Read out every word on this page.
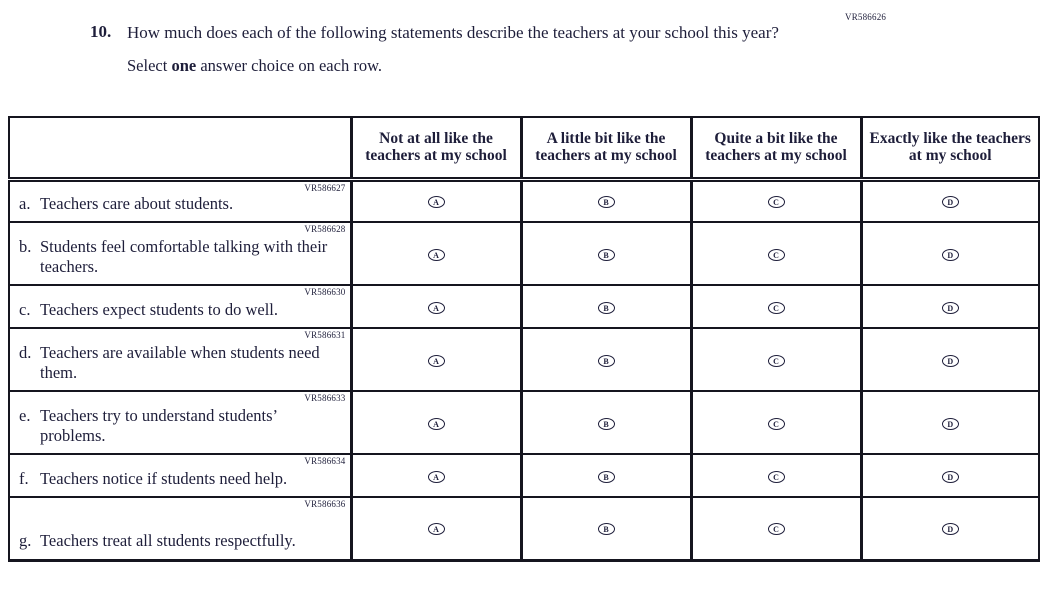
VR586626
10. How much does each of the following statements describe the teachers at your school this year?
Select one answer choice on each row.
	Not at all like the teachers at my school	A little bit like the teachers at my school	Quite a bit like the teachers at my school	Exactly like the teachers at my school

VR586627
a. Teachers care about students.	A	B	C	D

VR586628
b. Students feel comfortable talking with their teachers.	A	B	C	D

VR586630
c. Teachers expect students to do well.	A	B	C	D

VR586631
d. Teachers are available when students need them.	A	B	C	D

VR586633
e. Teachers try to understand students’ problems.	A	B	C	D

VR586634
f. Teachers notice if students need help.	A	B	C	D

VR586636
g. Teachers treat all students respectfully.	A	B	C	D
